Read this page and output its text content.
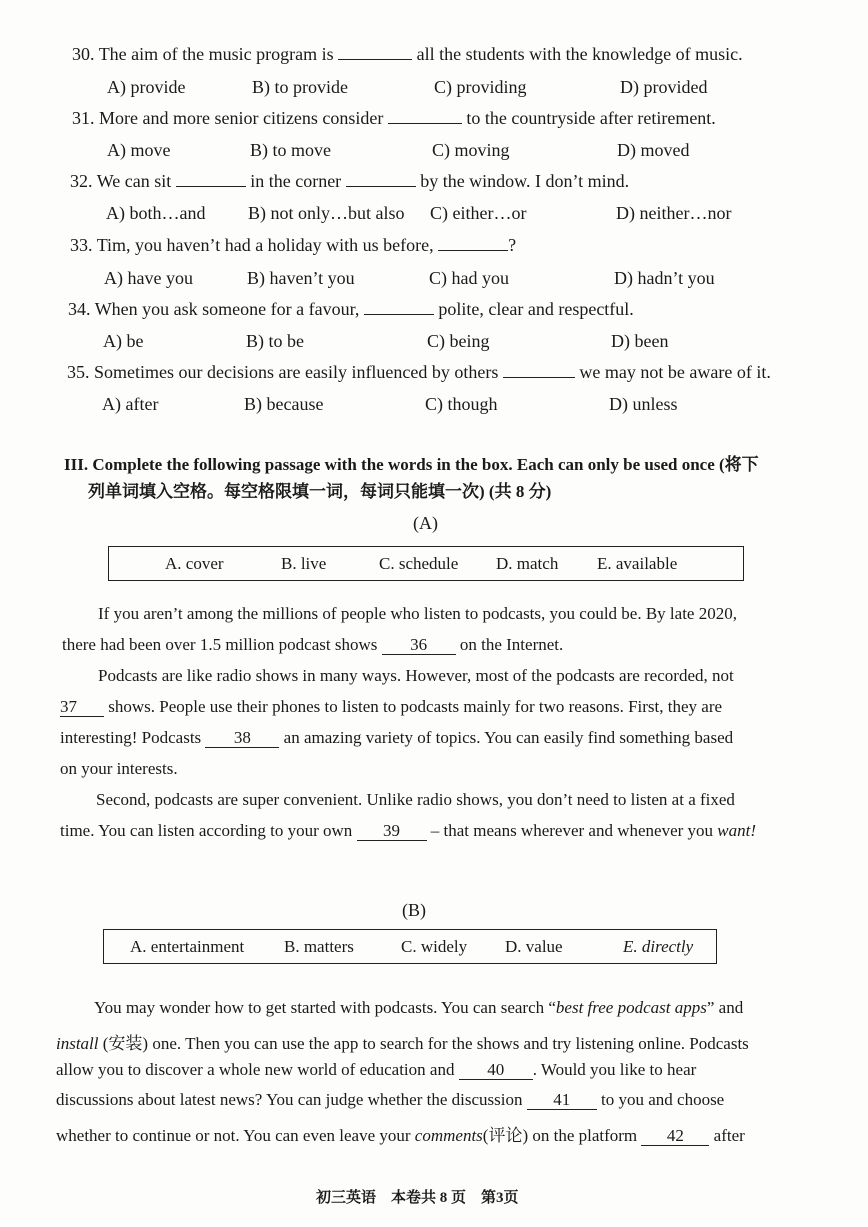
30. The aim of the music program is	all the students with the knowledge of music.
A) provide	B) to provide	C) providing	D) provided
31. More and more senior citizens consider	to the countryside after retirement.
A) move	B) to move	C) moving	D) moved
32. We can sit	in the corner	by the window. I don’t mind.
A) both…and B) not only…but also C) either…or	D) neither…nor
33. Tim, you haven’t had a holiday with us before,	?
A) have you	B) haven’t you	C) had you	D) hadn’t you
34. When you ask someone for a favour,	polite, clear and respectful.
A) be	B) to be	C) being	D) been
35. Sometimes our decisions are easily influenced by others	we may not be aware of it.
A) after	B) because	C) though	D) unless
III. Complete the following passage with the words in the box. Each can only be used once (将下
列单词填入空格。每空格限填一词，每词只能填一次) (共 8 分)
(A)
A. cover	B. live	C. schedule D. match E. available
If you aren’t among the millions of people who listen to podcasts, you could be. By late 2020,
there had been over 1.5 million podcast shows 36 on the Internet.
Podcasts are like radio shows in many ways. However, most of the podcasts are recorded, not
37 shows. People use their phones to listen to podcasts mainly for two reasons. First, they are
interesting! Podcasts 38 an amazing variety of topics. You can easily find something based
on your interests.
Second, podcasts are super convenient. Unlike radio shows, you don’t need to listen at a fixed
time. You can listen according to your own 39 – that means wherever and whenever you want!
(B)
A. entertainment B. matters	C. widely D. value	E. directly
You may wonder how to get started with podcasts. You can search “best free podcast apps” and
install (安装) one. Then you can use the app to search for the shows and try listening online. Podcasts
allow you to discover a whole new world of education and 40 . Would you like to hear
discussions about latest news? You can judge whether the discussion 41 to you and choose
whether to continue or not. You can even leave your comments(评论) on the platform 42 after
初三英语　本卷共 8 页　第3页
